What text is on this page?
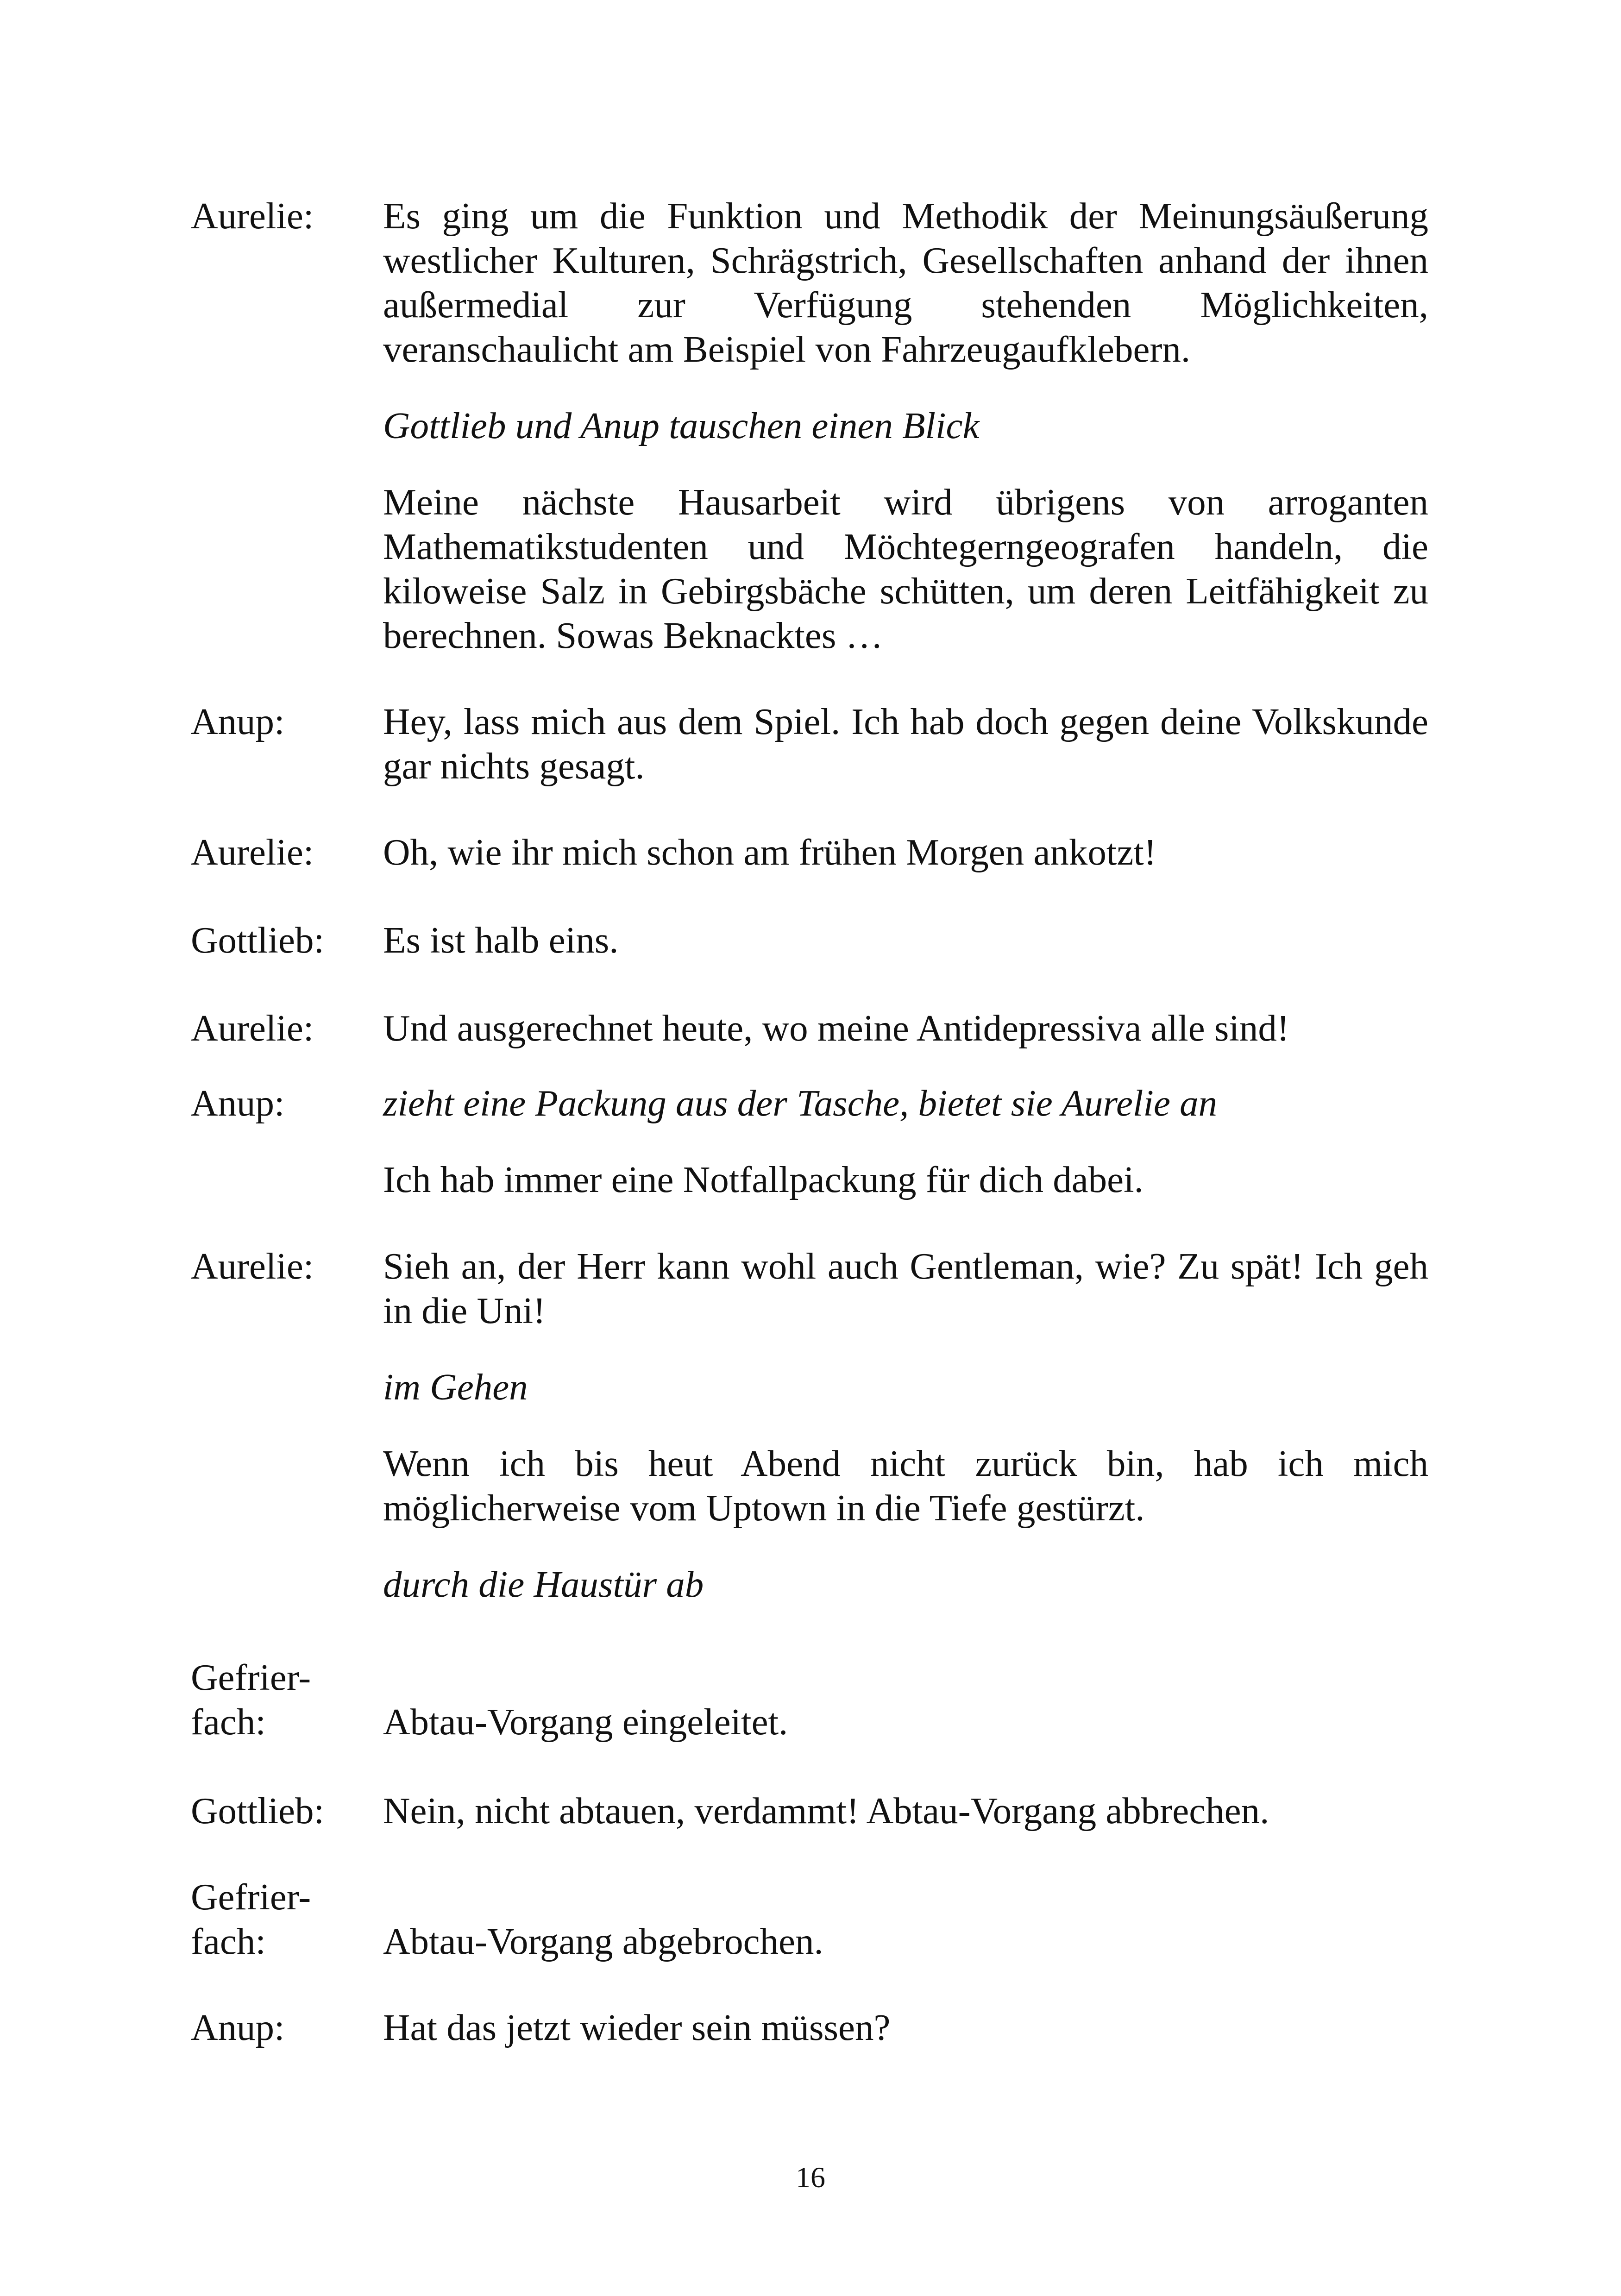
Aurelie:	Es ging um die Funktion und Methodik der Meinungsäußerung westlicher Kulturen, Schrägstrich, Gesellschaften anhand der ihnen außermedial zur Verfügung stehenden Möglichkeiten, veranschaulicht am Beispiel von Fahrzeugaufklebern.

Gottlieb und Anup tauschen einen Blick

Meine nächste Hausarbeit wird übrigens von arroganten Mathematikstudenten und Möchtegerngeografen handeln, die kiloweise Salz in Gebirgsbäche schütten, um deren Leitfähigkeit zu berechnen. Sowas Beknacktes …

Anup:	Hey, lass mich aus dem Spiel. Ich hab doch gegen deine Volkskunde gar nichts gesagt.

Aurelie:	Oh, wie ihr mich schon am frühen Morgen ankotzt!

Gottlieb:	Es ist halb eins.

Aurelie:	Und ausgerechnet heute, wo meine Antidepressiva alle sind!

Anup:	zieht eine Packung aus der Tasche, bietet sie Aurelie an

Ich hab immer eine Notfallpackung für dich dabei.

Aurelie:	Sieh an, der Herr kann wohl auch Gentleman, wie? Zu spät! Ich geh in die Uni!

im Gehen

Wenn ich bis heut Abend nicht zurück bin, hab ich mich möglicherweise vom Uptown in die Tiefe gestürzt.

durch die Haustür ab

Gefrier-
fach:	Abtau-Vorgang eingeleitet.

Gottlieb:	Nein, nicht abtauen, verdammt! Abtau-Vorgang abbrechen.

Gefrier-
fach:	Abtau-Vorgang abgebrochen.

Anup:	Hat das jetzt wieder sein müssen?

16
